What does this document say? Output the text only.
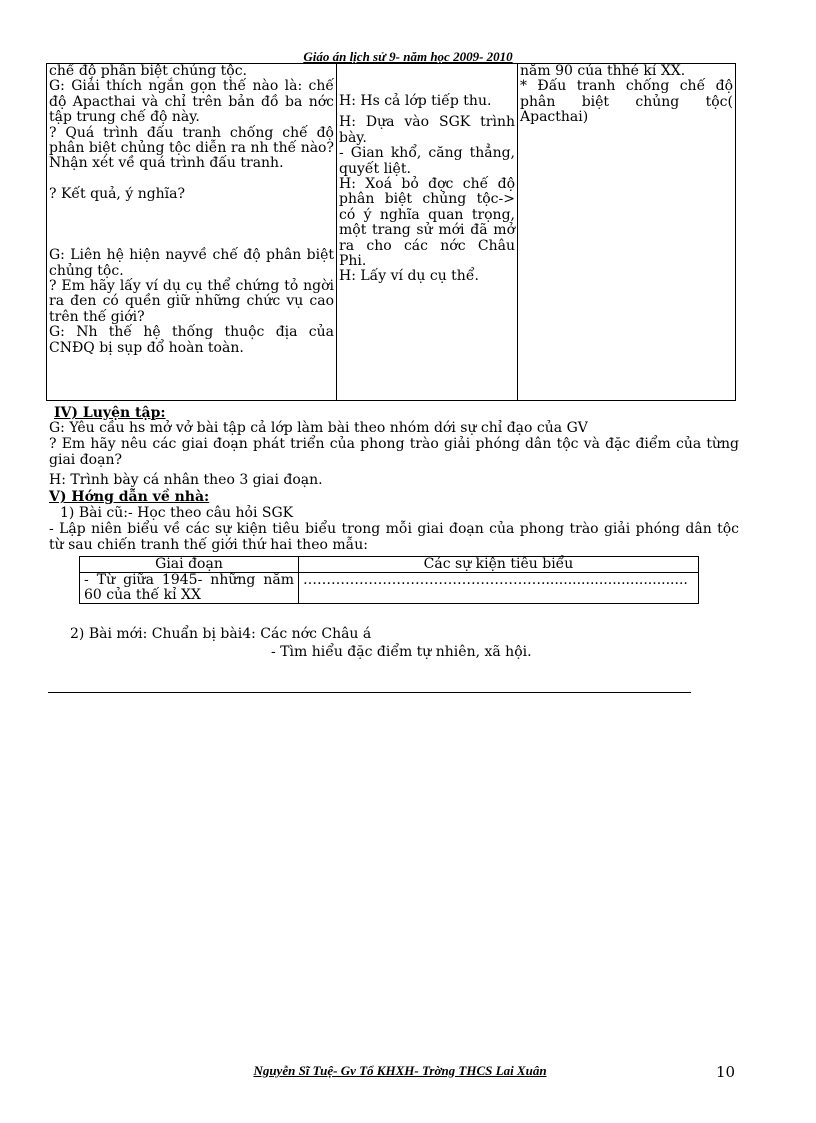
Giáo án lịch sử 9- năm học 2009- 2010
chế độ phân biệt chủng tộc.
G: Giải thích ngắn gọn thế nào là: chế độ Apacthai và chỉ trên bản đồ ba nớc tập trung chế độ này.
? Quá trình đấu tranh chống chế độ phân biệt chủng tộc diễn ra nh thế nào?Nhận xét về quá trình đấu tranh.
? Kết quả, ý nghĩa?
G: Liên hệ hiện nayvề chế độ phân biệt chủng tộc.
? Em hãy lấy ví dụ cụ thể chứng tỏ ngời ra đen có quền giữ những chức vụ cao trên thế giới?
G: Nh thế hệ thống thuộc địa của CNĐQ bị sụp đổ hoàn toàn.

H: Hs cả lớp tiếp thu.
H: Dựa vào SGK trình bày.
- Gian khổ, căng thẳng, quyết liệt.
H: Xoá bỏ đợc chế độ phân biệt chủng tộc-> có ý nghĩa quan trọng, một trang sử mới đã mở ra cho các nớc Châu Phi.
H: Lấy ví dụ cụ thể.

năm 90 của thhé kỉ XX.
* Đấu tranh chống chế độ phân biệt chủng tộc( Apacthai)
IV) Luyện tập:
G: Yêu cầu hs mở vở bài tập cả lớp làm bài theo nhóm dới sự chỉ đạo của GV
? Em hãy nêu các giai đoạn phát triển của phong trào giải phóng dân tộc và đặc điểm của từng giai đoạn?
H: Trình bày cá nhân theo 3 giai đoạn.
V) Hớng dẫn về nhà:
1) Bài cũ:- Học theo câu hỏi SGK
- Lập niên biểu về các sự kiện tiêu biểu trong mỗi giai đoạn của phong trào giải phóng dân tộc từ sau chiến tranh thế giới thứ hai theo mẫu:
Giai đoạn	Các sự kiện tiêu biểu
- Từ giữa 1945- những năm 60 của thế kỉ XX	…………………………………………….................................
2) Bài mới: Chuẩn bị bài4: Các nớc Châu á
- Tìm hiểu đặc điểm tự nhiên, xã hội.
Nguyễn Sĩ Tuệ- Gv Tổ KHXH- Trờng THCS Lai Xuân	10
